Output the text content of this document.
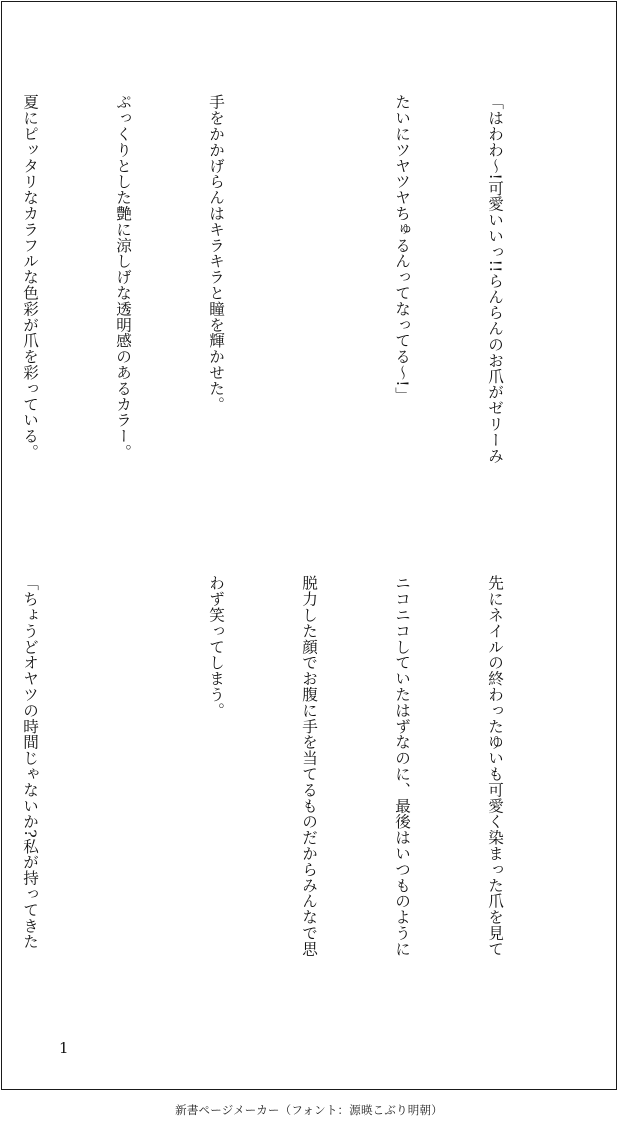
「はわわ〜!可愛いいっ!!らんらんのお爪がゼリーみ

たいにツヤツヤちゅるんってなってる〜!」

手をかかげらんはキラキラと瞳を輝かせた。

ぷっくりとした艶に涼しげな透明感のあるカラー。

夏にピッタリなカラフルな色彩が爪を彩っている。

先にネイルの終わったゆいも可愛く染まった爪を見て

ニコニコしていたはずなのに、最後はいつものように

脱力した顔でお腹に手を当てるものだからみんなで思

わず笑ってしまう。

「ちょうどオヤツの時間じゃないか?私が持ってきた

1
新書ページメーカー（フォント：源暎こぶり明朝）
